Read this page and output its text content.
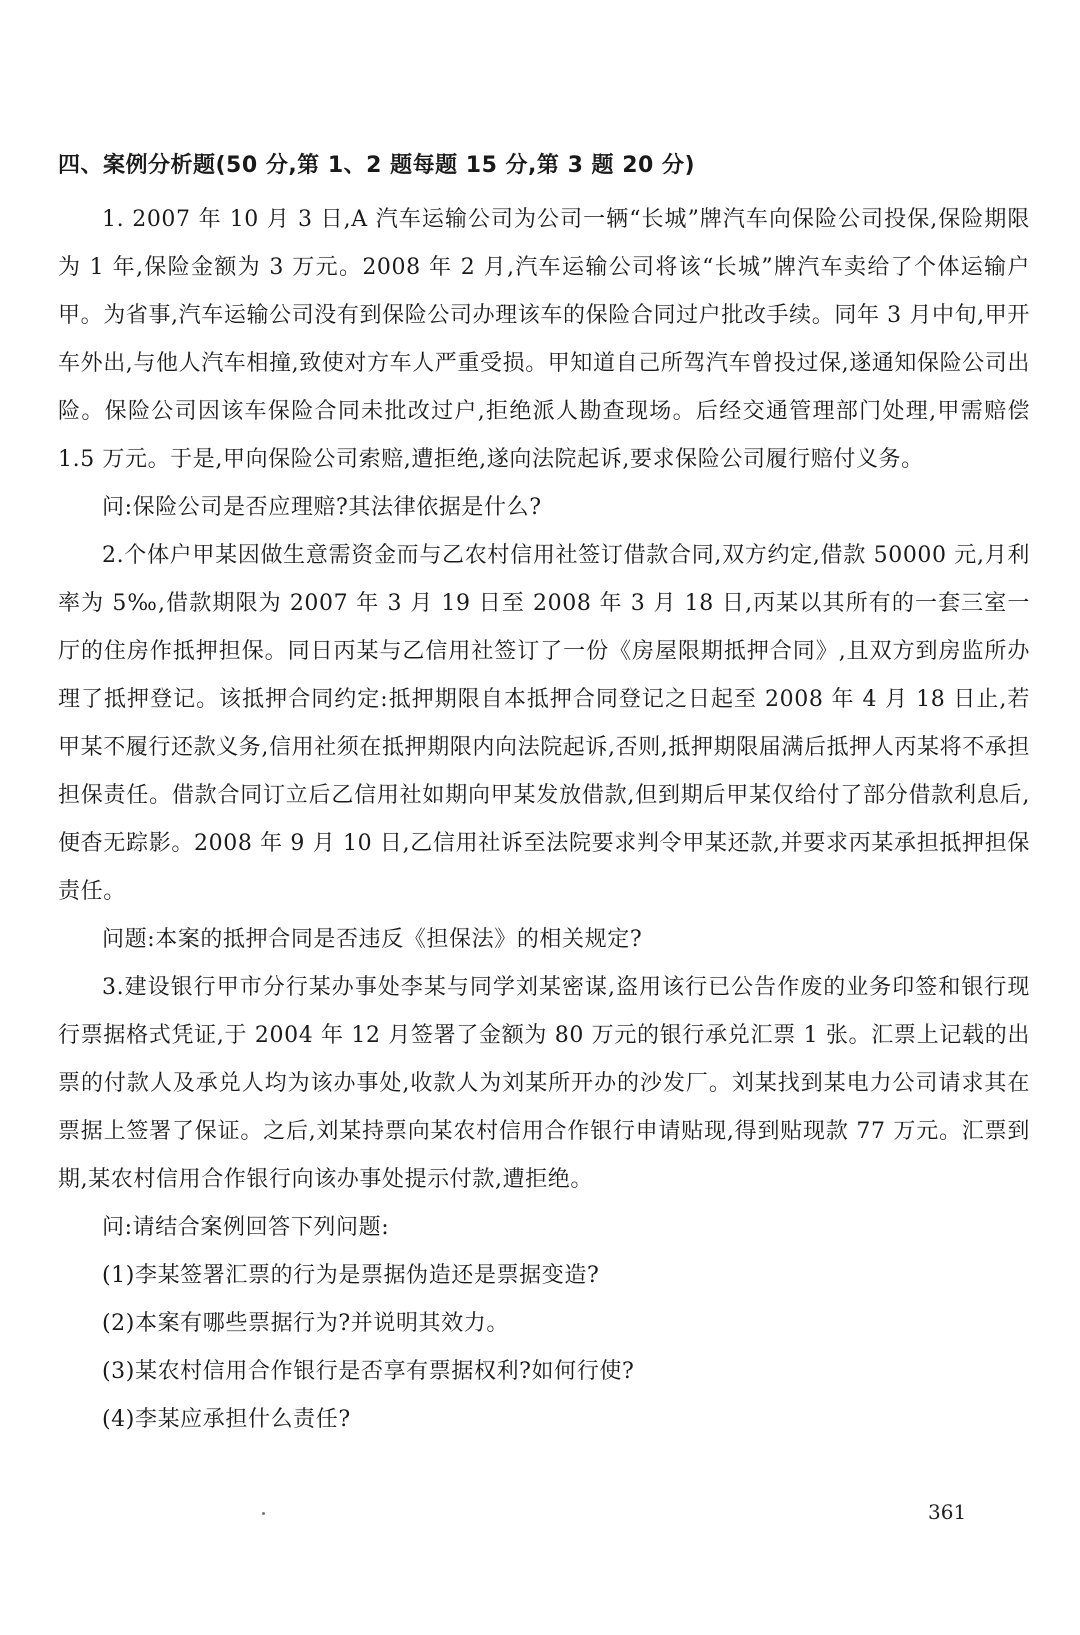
四、案例分析题(50 分,第 1、2 题每题 15 分,第 3 题 20 分)

1. 2007 年 10 月 3 日,A 汽车运输公司为公司一辆“长城”牌汽车向保险公司投保,保险期限为 1 年,保险金额为 3 万元。2008 年 2 月,汽车运输公司将该“长城”牌汽车卖给了个体运输户甲。为省事,汽车运输公司没有到保险公司办理该车的保险合同过户批改手续。同年 3 月中旬,甲开车外出,与他人汽车相撞,致使对方车人严重受损。甲知道自己所驾汽车曾投过保,遂通知保险公司出险。保险公司因该车保险合同未批改过户,拒绝派人勘查现场。后经交通管理部门处理,甲需赔偿 1.5 万元。于是,甲向保险公司索赔,遭拒绝,遂向法院起诉,要求保险公司履行赔付义务。

问:保险公司是否应理赔?其法律依据是什么?

2.个体户甲某因做生意需资金而与乙农村信用社签订借款合同,双方约定,借款 50000 元,月利率为 5‰,借款期限为 2007 年 3 月 19 日至 2008 年 3 月 18 日,丙某以其所有的一套三室一厅的住房作抵押担保。同日丙某与乙信用社签订了一份《房屋限期抵押合同》,且双方到房监所办理了抵押登记。该抵押合同约定:抵押期限自本抵押合同登记之日起至 2008 年 4 月 18 日止,若甲某不履行还款义务,信用社须在抵押期限内向法院起诉,否则,抵押期限届满后抵押人丙某将不承担担保责任。借款合同订立后乙信用社如期向甲某发放借款,但到期后甲某仅给付了部分借款利息后,便杳无踪影。2008 年 9 月 10 日,乙信用社诉至法院要求判令甲某还款,并要求丙某承担抵押担保责任。

问题:本案的抵押合同是否违反《担保法》的相关规定?

3.建设银行甲市分行某办事处李某与同学刘某密谋,盗用该行已公告作废的业务印签和银行现行票据格式凭证,于 2004 年 12 月签署了金额为 80 万元的银行承兑汇票 1 张。汇票上记载的出票的付款人及承兑人均为该办事处,收款人为刘某所开办的沙发厂。刘某找到某电力公司请求其在票据上签署了保证。之后,刘某持票向某农村信用合作银行申请贴现,得到贴现款 77 万元。汇票到期,某农村信用合作银行向该办事处提示付款,遭拒绝。

问:请结合案例回答下列问题:

(1)李某签署汇票的行为是票据伪造还是票据变造?

(2)本案有哪些票据行为?并说明其效力。

(3)某农村信用合作银行是否享有票据权利?如何行使?

(4)李某应承担什么责任?

361
